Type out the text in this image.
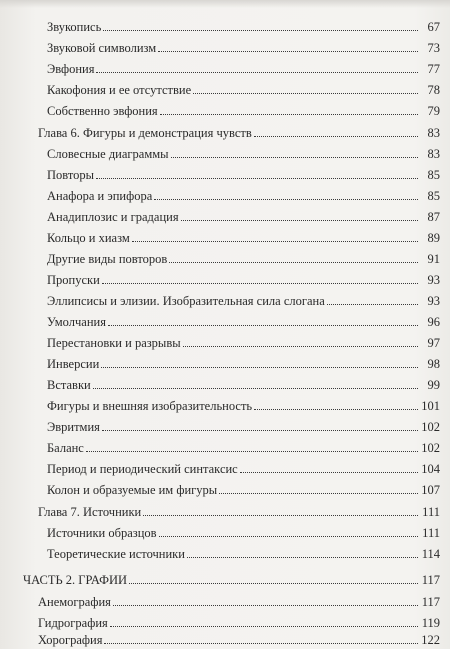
Звукопись	67
Звуковой символизм	73
Эвфония	77
Какофония и ее отсутствие	78
Собственно эвфония	79
Глава 6. Фигуры и демонстрация чувств	83
Словесные диаграммы	83
Повторы	85
Анафора и эпифора	85
Анадиплозис и градация	87
Кольцо и хиазм	89
Другие виды повторов	91
Пропуски	93
Эллипсисы и элизии. Изобразительная сила слогана	93
Умолчания	96
Перестановки и разрывы	97
Инверсии	98
Вставки	99
Фигуры и внешняя изобразительность	101
Эвритмия	102
Баланс	102
Период и периодический синтаксис	104
Колон и образуемые им фигуры	107
Глава 7. Источники	111
Источники образцов	111
Теоретические источники	114
ЧАСТЬ 2. ГРАФИИ	117
Анемография	117
Гидрография	119
Хорография	122
